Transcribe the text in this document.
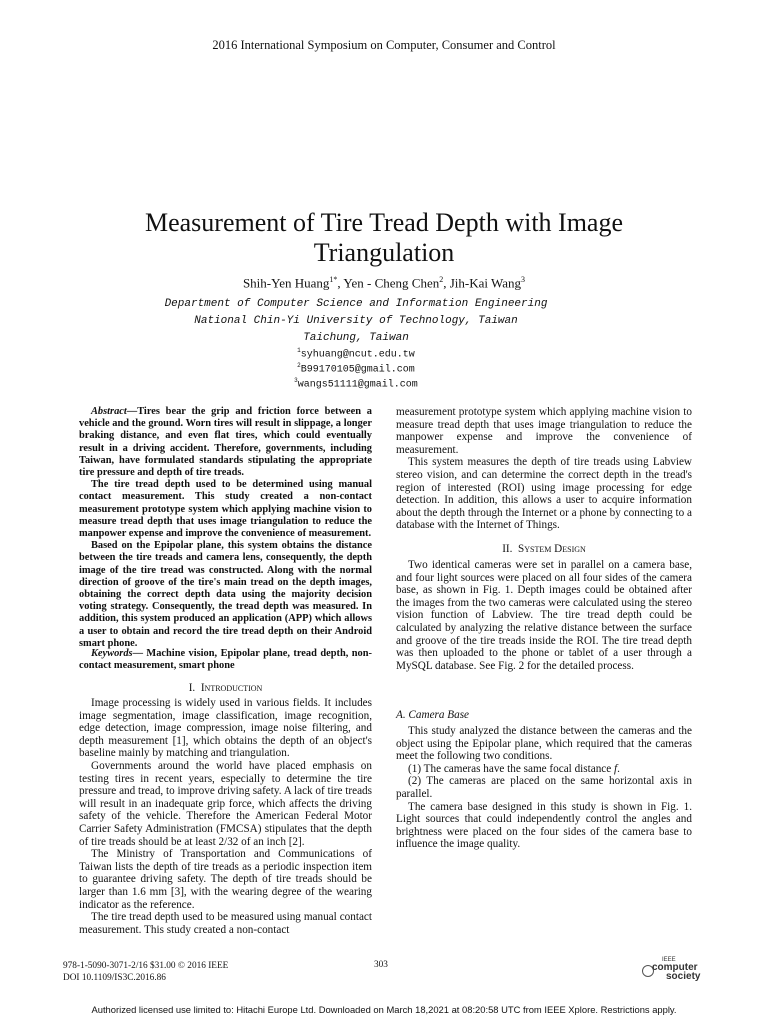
2016 International Symposium on Computer, Consumer and Control
Measurement of Tire Tread Depth with Image
Triangulation
Shih-Yen Huang$^{1*}$, Yen - Cheng Chen$^2$, Jih-Kai Wang$^3$
Department of Computer Science and Information Engineering
National Chin-Yi University of Technology, Taiwan
Taichung, Taiwan
$^1$syhuang@ncut.edu.tw
$^2$B99170105@gmail.com
$^3$wangs51111@gmail.com

Abstract—Tires bear the grip and friction force between a vehicle and the ground. Worn tires will result in slippage, a longer braking distance, and even flat tires, which could eventually result in a driving accident. Therefore, governments, including Taiwan, have formulated standards stipulating the appropriate tire pressure and depth of tire treads.

The tire tread depth used to be determined using manual contact measurement. This study created a non-contact measurement prototype system which applying machine vision to measure tread depth that uses image triangulation to reduce the manpower expense and improve the convenience of measurement.

Based on the Epipolar plane, this system obtains the distance between the tire treads and camera lens, consequently, the depth image of the tire tread was constructed. Along with the normal direction of groove of the tire's main tread on the depth images, obtaining the correct depth data using the majority decision voting strategy. Consequently, the tread depth was measured. In addition, this system produced an application (APP) which allows a user to obtain and record the tire tread depth on their Android smart phone.

Keywords— Machine vision, Epipolar plane, tread depth, non-contact measurement, smart phone

I. Introduction

Image processing is widely used in various fields. It includes image segmentation, image classification, image recognition, edge detection, image compression, image noise filtering, and depth measurement [1], which obtains the depth of an object's baseline mainly by matching and triangulation.

Governments around the world have placed emphasis on testing tires in recent years, especially to determine the tire pressure and tread, to improve driving safety. A lack of tire treads will result in an inadequate grip force, which affects the driving safety of the vehicle. Therefore the American Federal Motor Carrier Safety Administration (FMCSA) stipulates that the depth of tire treads should be at least 2/32 of an inch [2].

The Ministry of Transportation and Communications of Taiwan lists the depth of tire treads as a periodic inspection item to guarantee driving safety. The depth of tire treads should be larger than 1.6 mm [3], with the wearing degree of the wearing indicator as the reference.

The tire tread depth used to be measured using manual contact measurement. This study created a non-contact

measurement prototype system which applying machine vision to measure tread depth that uses image triangulation to reduce the manpower expense and improve the convenience of measurement.

This system measures the depth of tire treads using Labview stereo vision, and can determine the correct depth in the tread's region of interested (ROI) using image processing for edge detection. In addition, this allows a user to acquire information about the depth through the Internet or a phone by connecting to a database with the Internet of Things.

II. System Design

Two identical cameras were set in parallel on a camera base, and four light sources were placed on all four sides of the camera base, as shown in Fig. 1. Depth images could be obtained after the images from the two cameras were calculated using the stereo vision function of Labview. The tire tread depth could be calculated by analyzing the relative distance between the surface and groove of the tire treads inside the ROI. The tire tread depth was then uploaded to the phone or tablet of a user through a MySQL database. See Fig. 2 for the detailed process.

A. Camera Base

This study analyzed the distance between the cameras and the object using the Epipolar plane, which required that the cameras meet the following two conditions.

(1) The cameras have the same focal distance f.

(2) The cameras are placed on the same horizontal axis in parallel.

The camera base designed in this study is shown in Fig. 1. Light sources that could independently control the angles and brightness were placed on the four sides of the camera base to influence the image quality.

978-1-5090-3071-2/16 $31.00 © 2016 IEEE
DOI 10.1109/IS3C.2016.86
303	IEEE
computer
society
Authorized licensed use limited to: Hitachi Europe Ltd. Downloaded on March 18,2021 at 08:20:58 UTC from IEEE Xplore. Restrictions apply.
